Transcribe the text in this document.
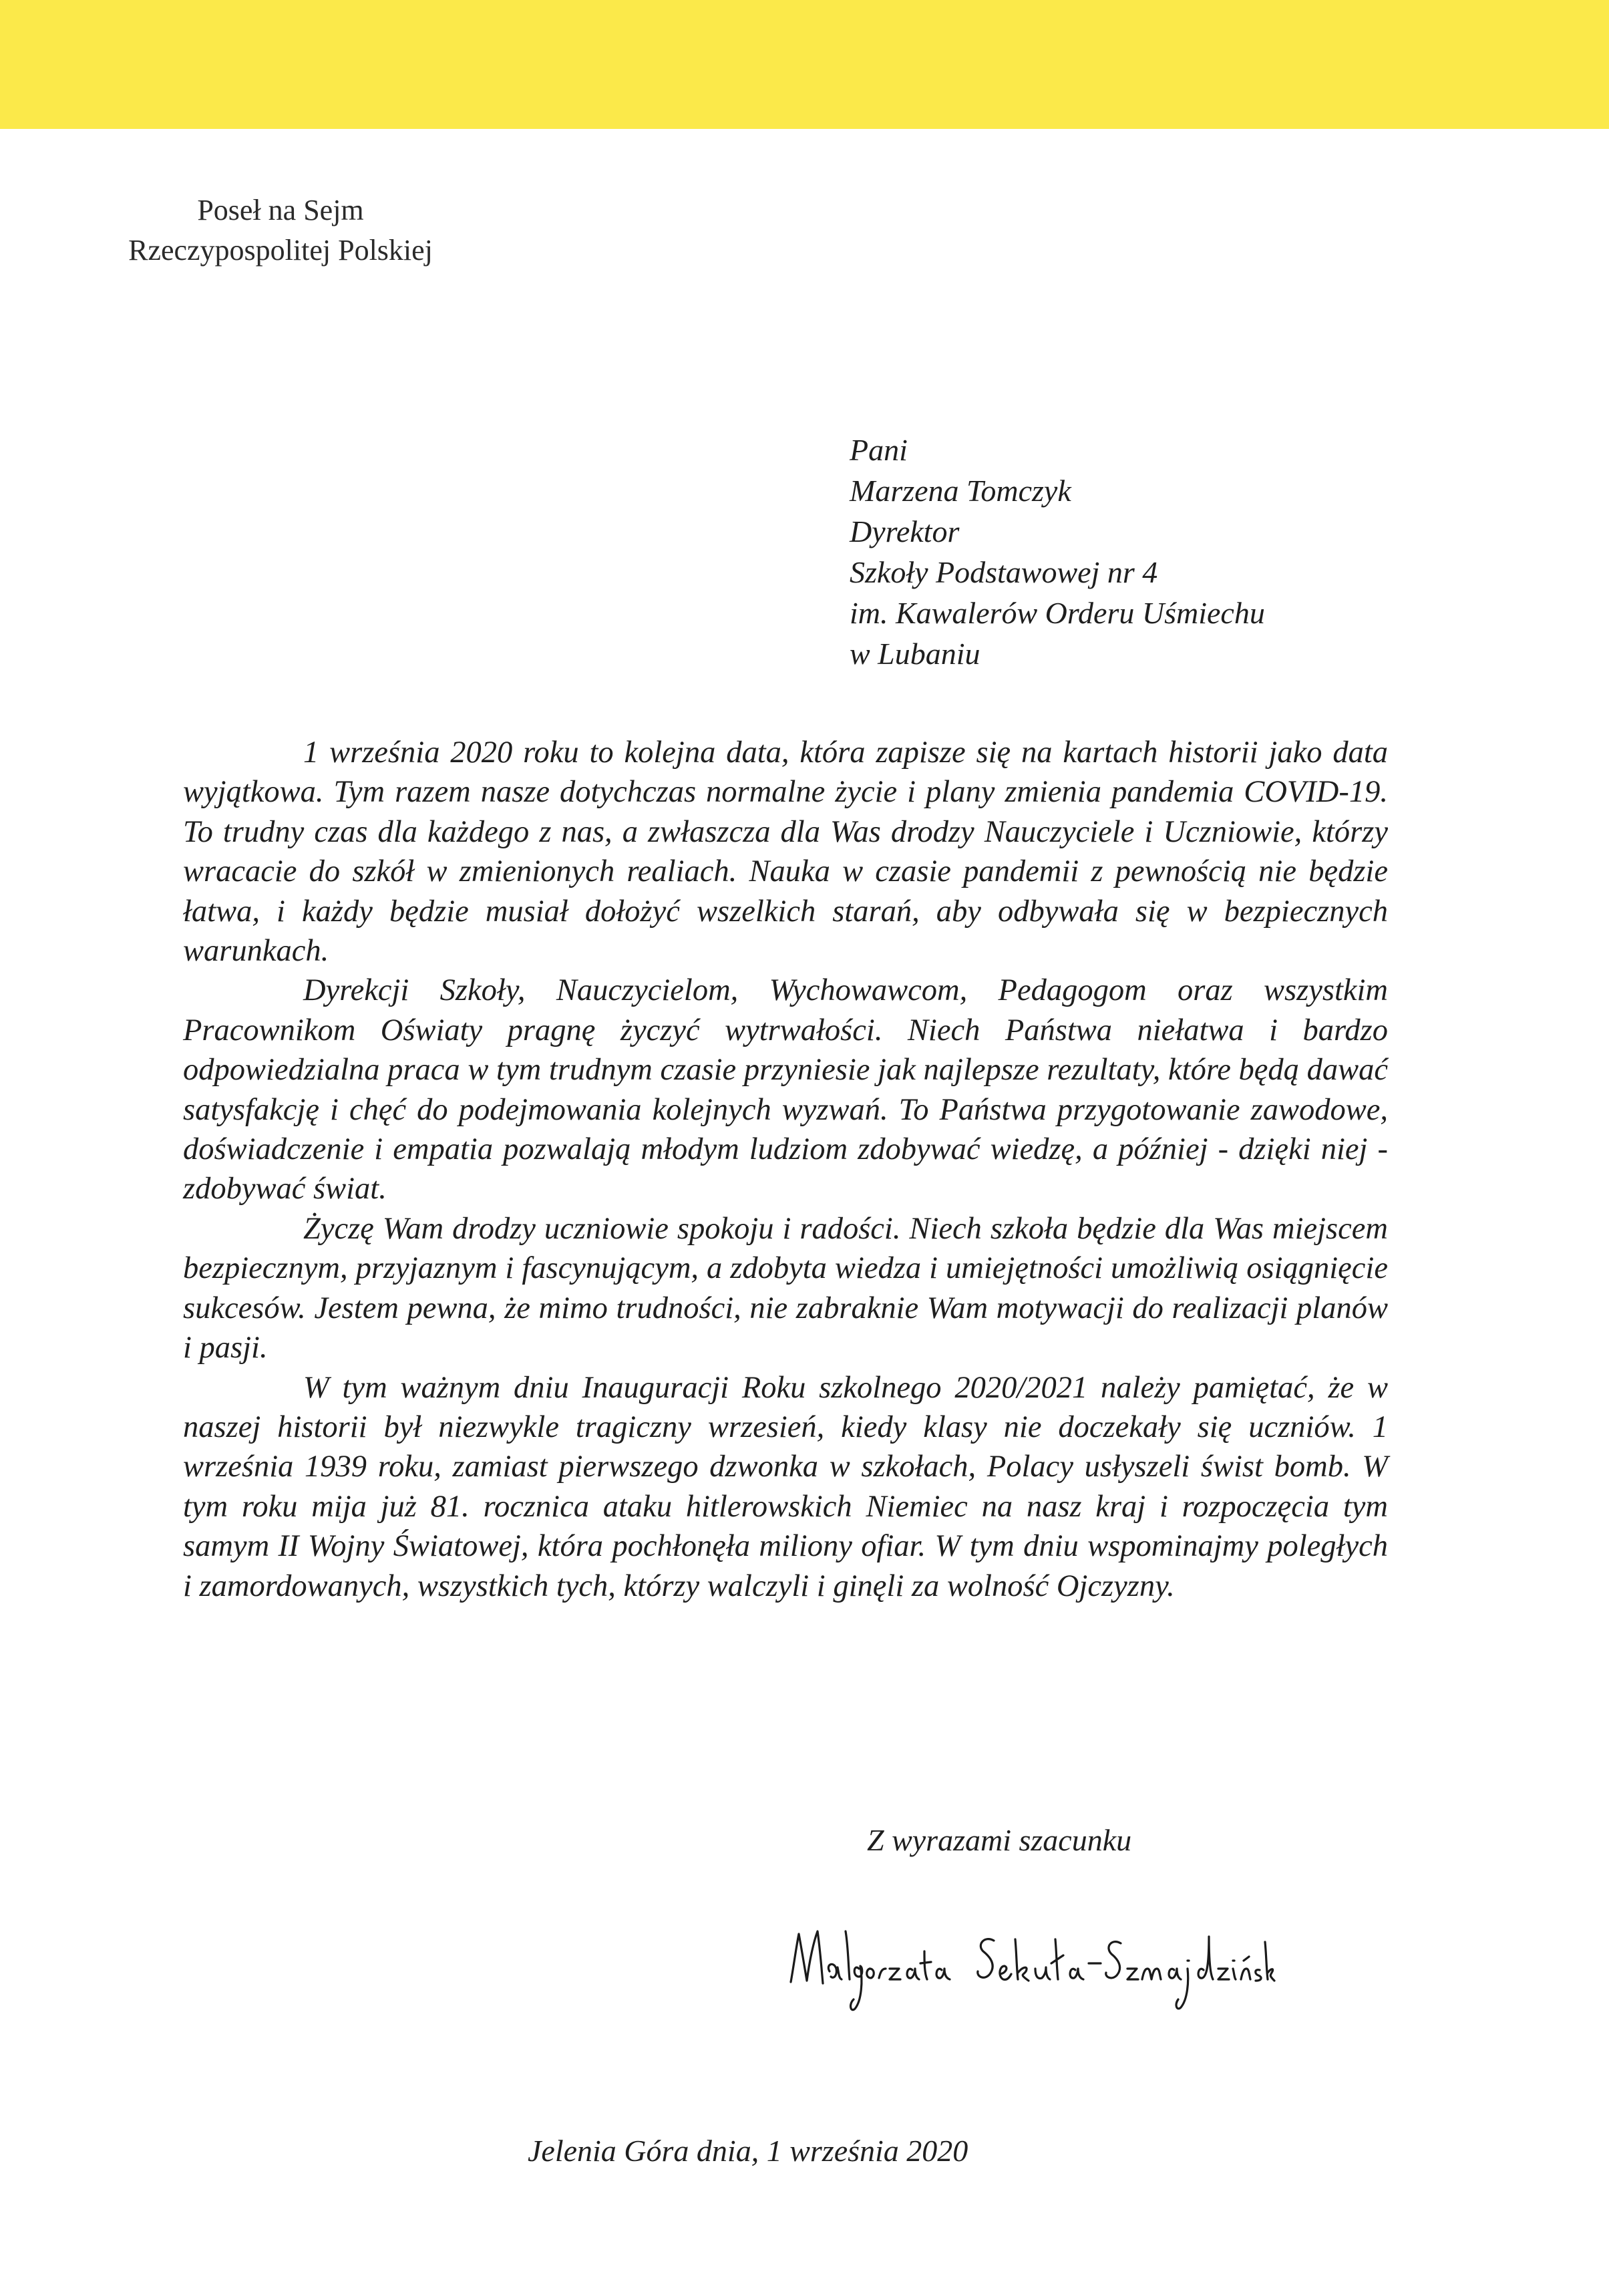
Poseł na Sejm
Rzeczypospolitej Polskiej
Pani
Marzena Tomczyk
Dyrektor
Szkoły Podstawowej nr 4
im. Kawalerów Orderu Uśmiechu
w Lubaniu

1 września 2020 roku to kolejna data, która zapisze się na kartach historii jako data wyjątkowa. Tym razem nasze dotychczas normalne życie i plany zmienia pandemia COVID-19. To trudny czas dla każdego z nas, a zwłaszcza dla Was drodzy Nauczyciele i Uczniowie, którzy wracacie do szkół w zmienionych realiach. Nauka w czasie pandemii z pewnością nie będzie łatwa, i każdy będzie musiał dołożyć wszelkich starań, aby odbywała się w bezpiecznych warunkach.

Dyrekcji Szkoły, Nauczycielom, Wychowawcom, Pedagogom oraz wszystkim Pracownikom Oświaty pragnę życzyć wytrwałości. Niech Państwa niełatwa i bardzo odpowiedzialna praca w tym trudnym czasie przyniesie jak najlepsze rezultaty, które będą dawać satysfakcję i chęć do podejmowania kolejnych wyzwań. To Państwa przygotowanie zawodowe, doświadczenie i empatia pozwalają młodym ludziom zdobywać wiedzę, a później - dzięki niej - zdobywać świat.

Życzę Wam drodzy uczniowie spokoju i radości. Niech szkoła będzie dla Was miejscem bezpiecznym, przyjaznym i fascynującym, a zdobyta wiedza i umiejętności umożliwią osiągnięcie sukcesów. Jestem pewna, że mimo trudności, nie zabraknie Wam motywacji do realizacji planów i pasji.

W tym ważnym dniu Inauguracji Roku szkolnego 2020/2021 należy pamiętać, że w naszej historii był niezwykle tragiczny wrzesień, kiedy klasy nie doczekały się uczniów. 1 września 1939 roku, zamiast pierwszego dzwonka w szkołach, Polacy usłyszeli świst bomb. W tym roku mija już 81. rocznica ataku hitlerowskich Niemiec na nasz kraj i rozpoczęcia tym samym II Wojny Światowej, która pochłonęła miliony ofiar. W tym dniu wspominajmy poległych i zamordowanych, wszystkich tych, którzy walczyli i ginęli za wolność Ojczyzny.

Z wyrazami szacunku
Jelenia Góra dnia, 1 września 2020
